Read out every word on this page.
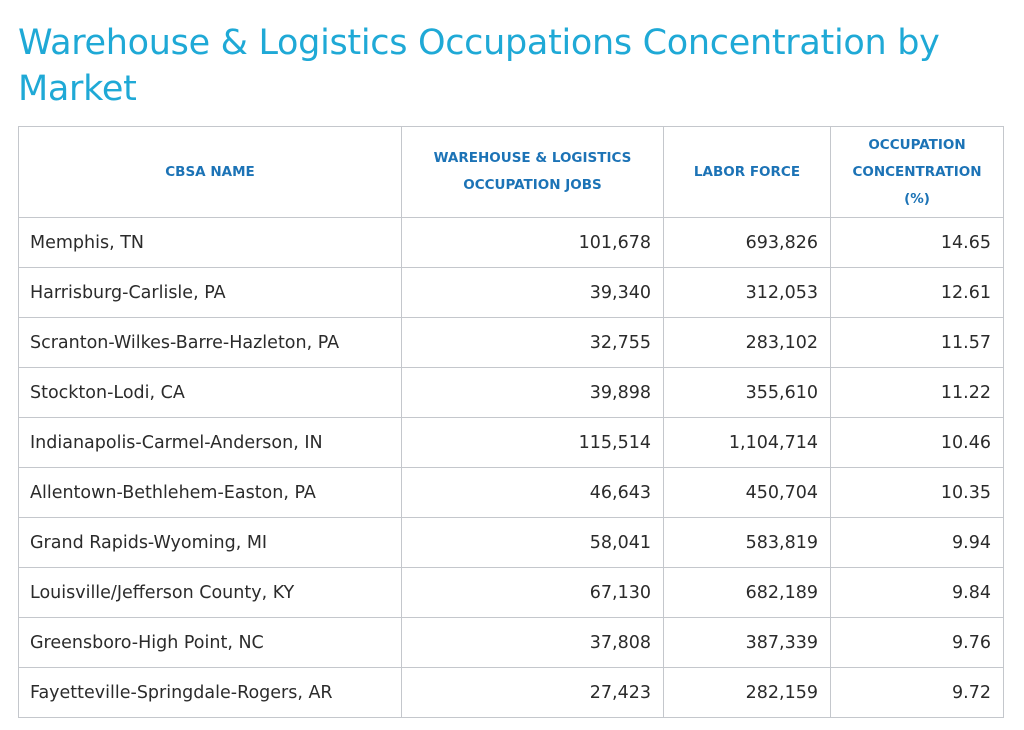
Warehouse & Logistics Occupations Concentration by Market
CBSA NAME	WAREHOUSE & LOGISTICS OCCUPATION JOBS	LABOR FORCE	OCCUPATION CONCENTRATION (%)
Memphis, TN	101,678	693,826	14.65
Harrisburg-Carlisle, PA	39,340	312,053	12.61
Scranton-Wilkes-Barre-Hazleton, PA	32,755	283,102	11.57
Stockton-Lodi, CA	39,898	355,610	11.22
Indianapolis-Carmel-Anderson, IN	115,514	1,104,714	10.46
Allentown-Bethlehem-Easton, PA	46,643	450,704	10.35
Grand Rapids-Wyoming, MI	58,041	583,819	9.94
Louisville/Jefferson County, KY	67,130	682,189	9.84
Greensboro-High Point, NC	37,808	387,339	9.76
Fayetteville-Springdale-Rogers, AR	27,423	282,159	9.72
